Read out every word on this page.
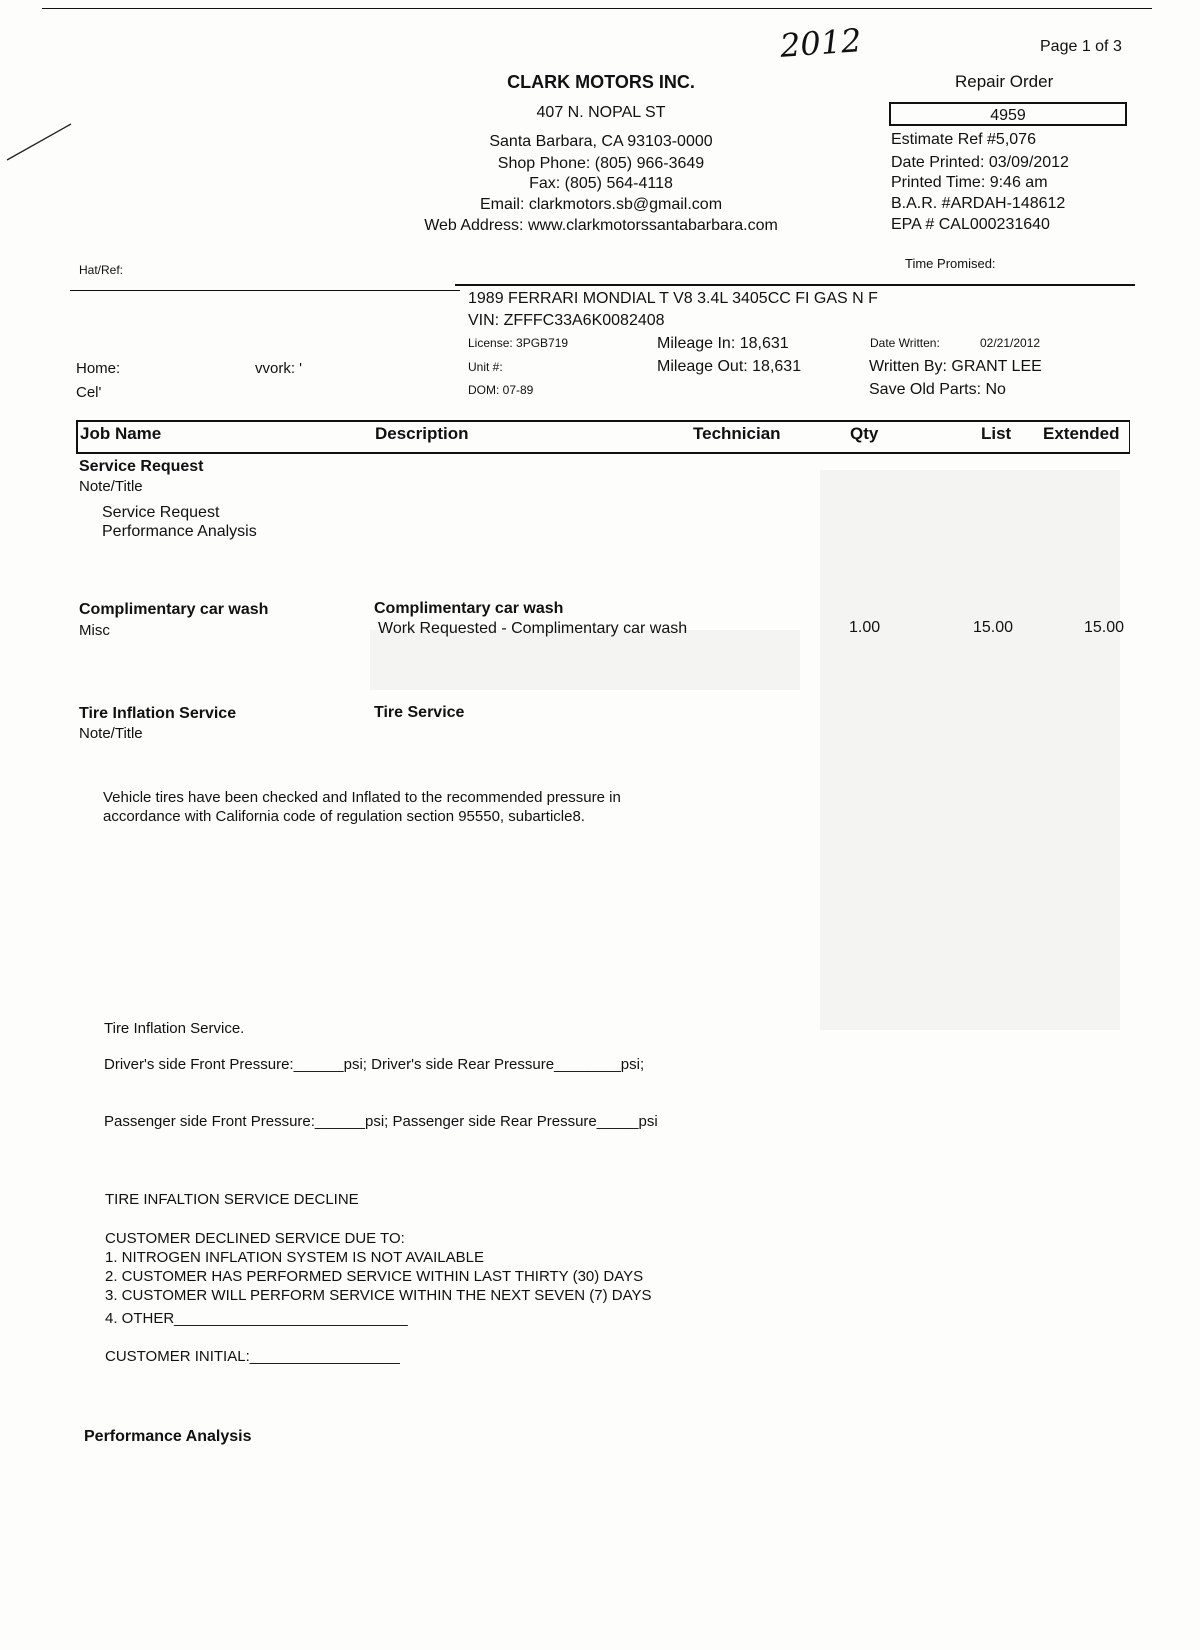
2012	Page 1 of 3
CLARK MOTORS INC.
407 N. NOPAL ST
Santa Barbara, CA 93103-0000
Shop Phone: (805) 966-3649
Fax: (805) 564-4118
Email: clarkmotors.sb@gmail.com
Web Address: www.clarkmotorssantabarbara.com
Repair Order
4959
Estimate Ref #5,076
Date Printed: 03/09/2012
Printed Time: 9:46 am
B.A.R. #ARDAH-148612
EPA # CAL000231640
Time Promised:
Hat/Ref:
1989 FERRARI MONDIAL T V8 3.4L 3405CC FI GAS N F
VIN: ZFFFC33A6K0082408
License: 3PGB719
Unit #:
DOM: 07-89
Mileage In: 18,631
Mileage Out: 18,631
Date Written:	02/21/2012
Written By: GRANT LEE
Save Old Parts: No
Home:	vvork: '
Cel'
Job Name	Description	Technician	Qty	List Extended
Service Request
Note/Title
Service Request
Performance Analysis
Complimentary car wash
Misc
Complimentary car wash
Work Requested - Complimentary car wash	1.00	15.00	15.00
Tire Inflation Service
Note/Title
Tire Service
Vehicle tires have been checked and Inflated to the recommended pressure in
accordance with California code of regulation section 95550, subarticle8.
Tire Inflation Service.
Driver's side Front Pressure:______psi; Driver's side Rear Pressure________psi;
Passenger side Front Pressure:______psi; Passenger side Rear Pressure_____psi
TIRE INFALTION SERVICE DECLINE
CUSTOMER DECLINED SERVICE DUE TO:
1. NITROGEN INFLATION SYSTEM IS NOT AVAILABLE
2. CUSTOMER HAS PERFORMED SERVICE WITHIN LAST THIRTY (30) DAYS
3. CUSTOMER WILL PERFORM SERVICE WITHIN THE NEXT SEVEN (7) DAYS
4. OTHER____________________________
CUSTOMER INITIAL:__________________
Performance Analysis
